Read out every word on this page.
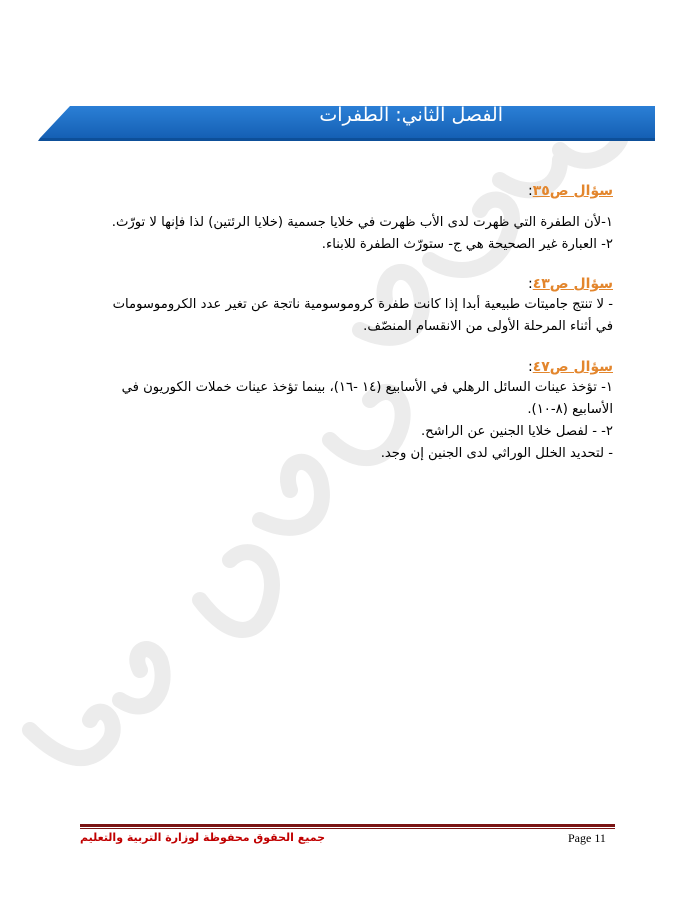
الفصل الثاني: الطفرات
سؤال ص٣٥:
١-لأن الطفرة التي ظهرت لدى الأب ظهرت في خلايا جسمية (خلايا الرئتين) لذا فإنها لا تورّث.
٢- العبارة غير الصحيحة هي ج- ستورّث الطفرة للابناء.
سؤال ص٤٣:
- لا تنتج جاميتات طبيعية أبدا إذا كانت طفرة كروموسومية ناتجة عن تغير عدد الكروموسومات
في أثناء المرحلة الأولى من الانقسام المنصّف.
سؤال ص٤٧:
١- تؤخذ عينات السائل الرهلي في الأسابيع (١٤ -١٦)، بينما تؤخذ عينات خملات الكوريون في
الأسابيع (٨-١٠).
٢- - لفصل خلايا الجنين عن الراشح.
- لتحديد الخلل الوراثي لدى الجنين إن وجد.
Page 11
جميع الحقوق محفوظة لوزارة التربية والتعليم
